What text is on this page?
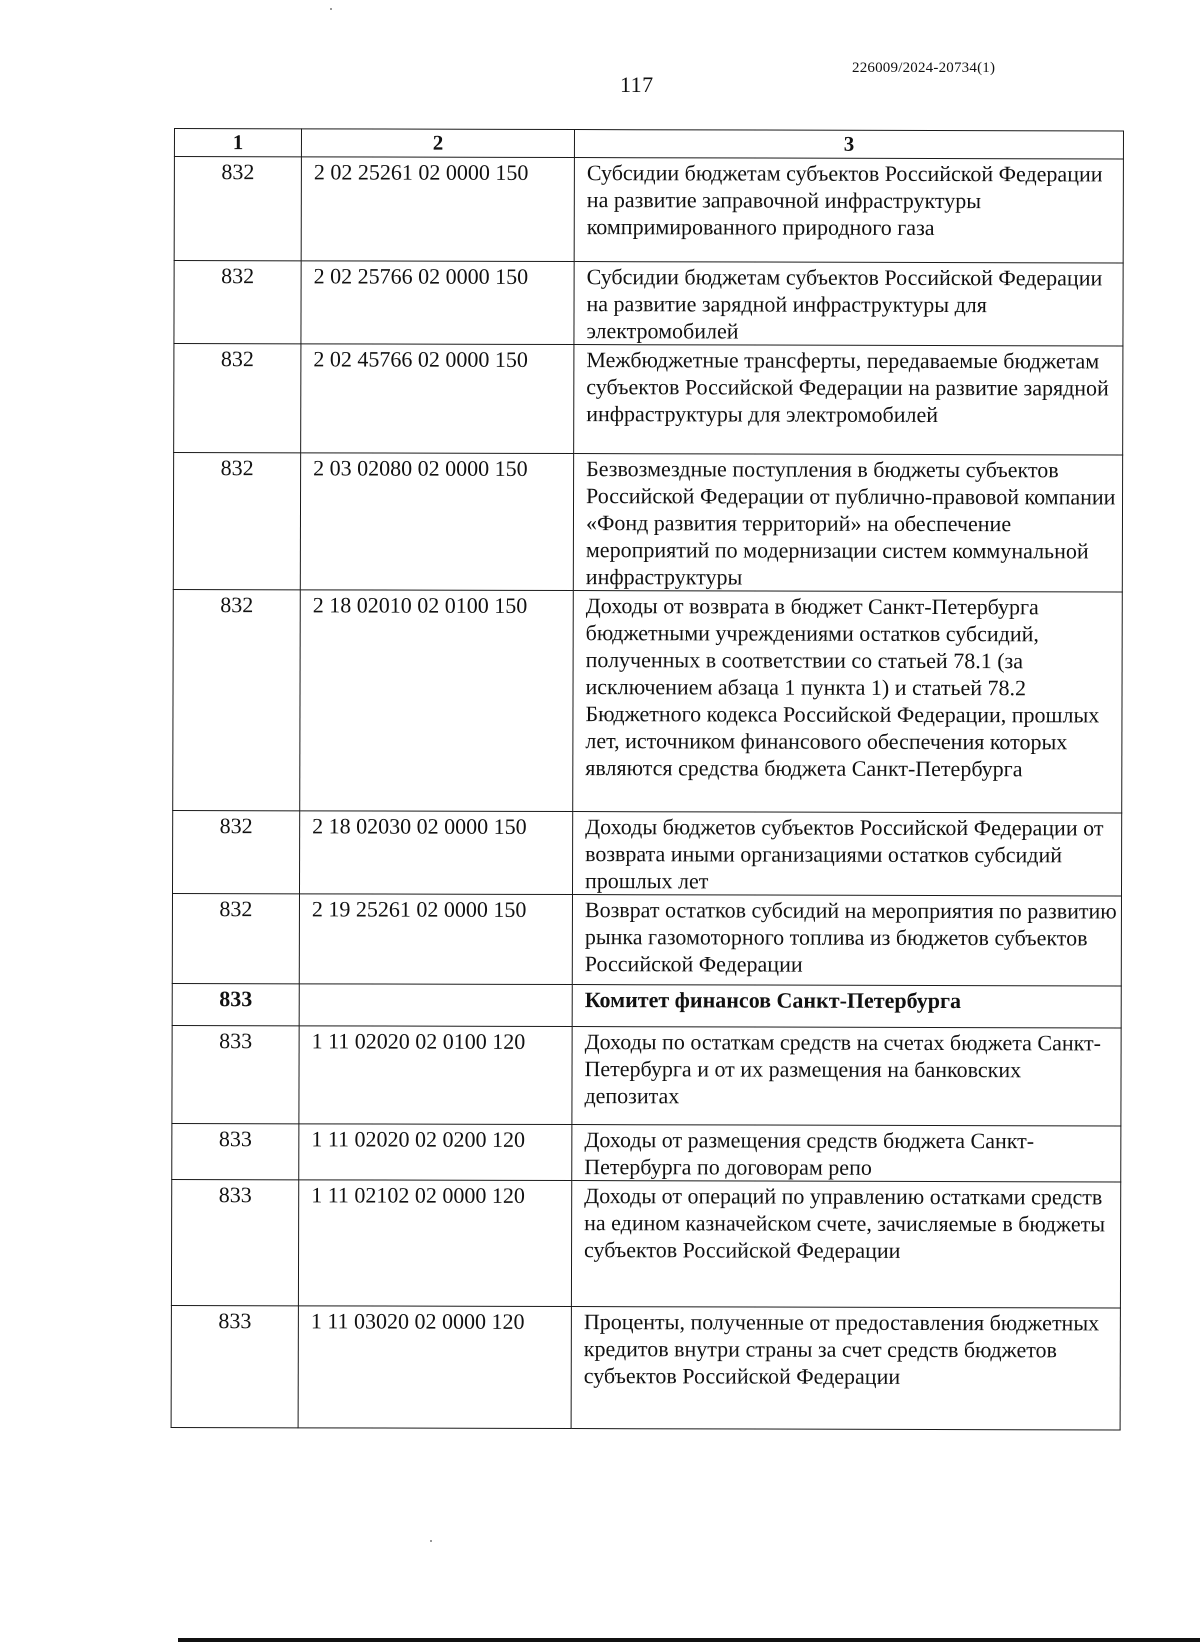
226009/2024-20734(1)
117
1	2	3
832	2 02 25261 02 0000 150	Субсидии бюджетам субъектов Российской Федерации на развитие заправочной инфраструктуры компримированного природного газа
832	2 02 25766 02 0000 150	Субсидии бюджетам субъектов Российской Федерации на развитие зарядной инфраструктуры для электромобилей
832	2 02 45766 02 0000 150	Межбюджетные трансферты, передаваемые бюджетам субъектов Российской Федерации на развитие зарядной инфраструктуры для электромобилей
832	2 03 02080 02 0000 150	Безвозмездные поступления в бюджеты субъектов Российской Федерации от публично-правовой компании «Фонд развития территорий» на обеспечение мероприятий по модернизации систем коммунальной инфраструктуры
832	2 18 02010 02 0100 150	Доходы от возврата в бюджет Санкт-Петербурга бюджетными учреждениями остатков субсидий, полученных в соответствии со статьей 78.1 (за исключением абзаца 1 пункта 1) и статьей 78.2 Бюджетного кодекса Российской Федерации, прошлых лет, источником финансового обеспечения которых являются средства бюджета Санкт-Петербурга
832	2 18 02030 02 0000 150	Доходы бюджетов субъектов Российской Федерации от возврата иными организациями остатков субсидий прошлых лет
832	2 19 25261 02 0000 150	Возврат остатков субсидий на мероприятия по развитию рынка газомоторного топлива из бюджетов субъектов Российской Федерации
833		Комитет финансов Санкт-Петербурга
833	1 11 02020 02 0100 120	Доходы по остаткам средств на счетах бюджета Санкт-Петербурга и от их размещения на банковских депозитах
833	1 11 02020 02 0200 120	Доходы от размещения средств бюджета Санкт-Петербурга по договорам репо
833	1 11 02102 02 0000 120	Доходы от операций по управлению остатками средств на едином казначейском счете, зачисляемые в бюджеты субъектов Российской Федерации
833	1 11 03020 02 0000 120	Проценты, полученные от предоставления бюджетных кредитов внутри страны за счет средств бюджетов субъектов Российской Федерации
